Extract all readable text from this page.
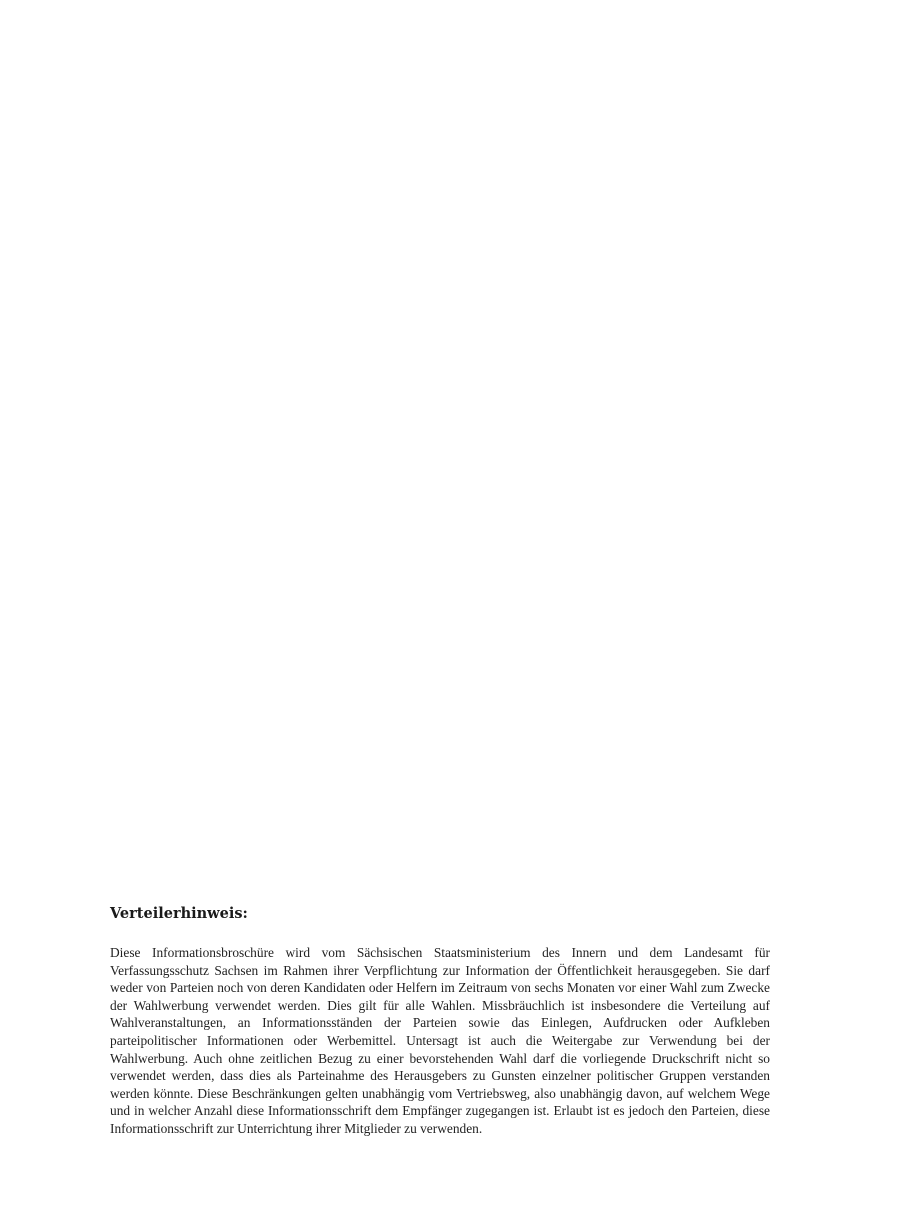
Verteilerhinweis:

Diese Informationsbroschüre wird vom Sächsischen Staatsministerium des Innern und dem Landesamt für Verfassungsschutz Sachsen im Rahmen ihrer Verpflichtung zur Information der Öffentlichkeit herausgegeben. Sie darf weder von Parteien noch von deren Kandidaten oder Helfern im Zeitraum von sechs Monaten vor einer Wahl zum Zwecke der Wahlwerbung verwendet werden. Dies gilt für alle Wahlen. Missbräuchlich ist insbesondere die Verteilung auf Wahlveranstaltungen, an Informationsständen der Parteien sowie das Einlegen, Aufdrucken oder Aufkleben parteipolitischer Informationen oder Werbemittel. Untersagt ist auch die Weitergabe zur Verwendung bei der Wahlwerbung. Auch ohne zeitlichen Bezug zu einer bevorstehenden Wahl darf die vorliegende Druckschrift nicht so verwendet werden, dass dies als Parteinahme des Herausgebers zu Gunsten einzelner politischer Gruppen verstanden werden könnte. Diese Beschränkungen gelten unabhängig vom Vertriebsweg, also unabhängig davon, auf welchem Wege und in welcher Anzahl diese Informationsschrift dem Empfänger zugegangen ist. Erlaubt ist es jedoch den Parteien, diese Informationsschrift zur Unterrichtung ihrer Mitglieder zu verwenden.
